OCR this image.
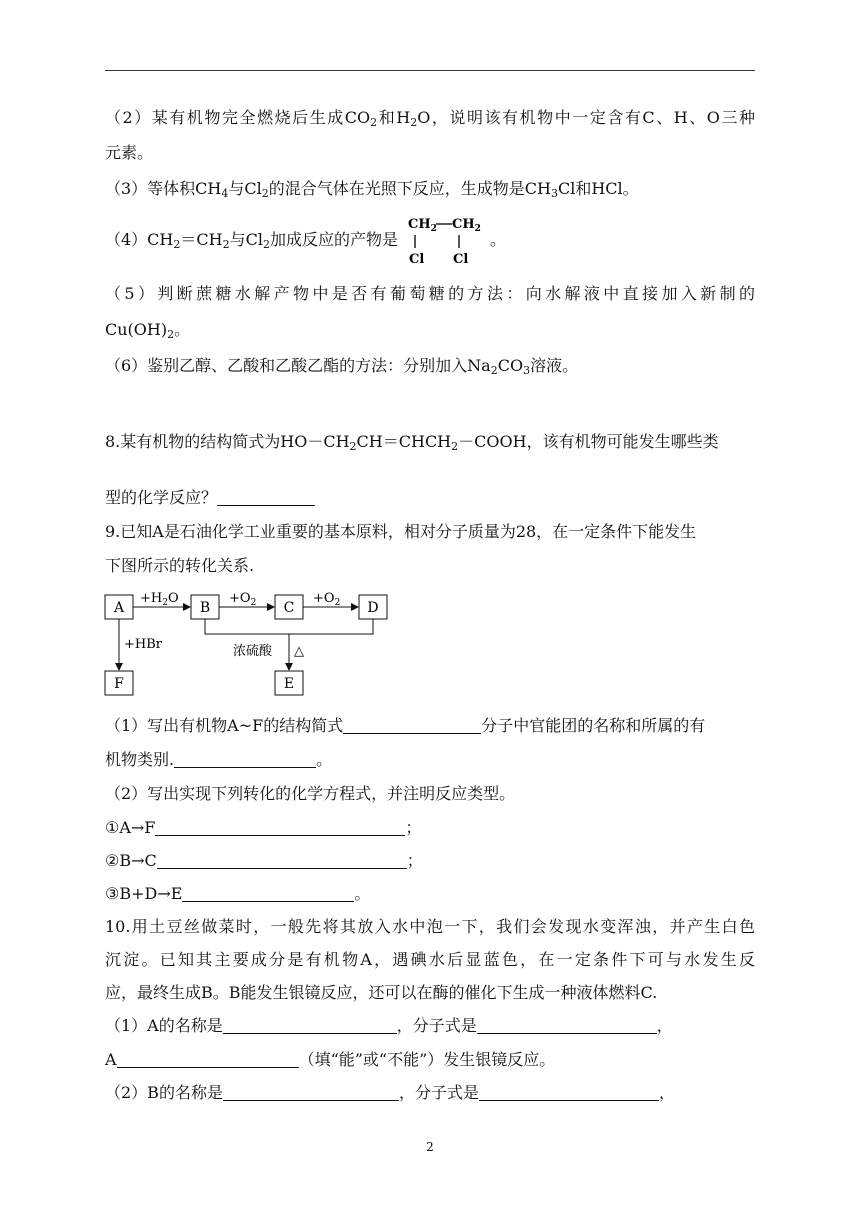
（2）某有机物完全燃烧后生成$CO_2$和$H_2O$，说明该有机物中一定含有C、H、O三种
元素。
（3）等体积$CH_4$与$Cl_2$的混合气体在光照下反应，生成物是$CH_3Cl$和HCl。
$(4)CH_2=CH_2$与$Cl_2$加成反应的产物是
$CH_2$ $CH_2$
Cl Cl
。
（5）判断蔗糖水解产物中是否有葡萄糖的方法：向水解液中直接加入新制的
$Cu(OH)_2$。
（6）鉴别乙醇、乙酸和乙酸乙酯的方法：分别加入$Na_2CO_3$溶液。
8.某有机物的结构简式为$HO-CH_2CH=CHCH_2-COOH$，该有机物可能发生哪些类
型的化学反应？
9.已知A是石油化学工业重要的基本原料，相对分子质量为28，在一定条件下能发生
下图所示的转化关系.
A	B	C	D
F	E
$+H_2O$	$+O_2$	$+O_2$
+HBr	浓硫酸 △
（1）写出有机物A~F的结构简式	分子中官能团的名称和所属的有
机物类别.	。
（2）写出实现下列转化的化学方程式，并注明反应类型。
①A→F	；
②B→C	；
③B+D→E	。
10.用土豆丝做菜时，一般先将其放入水中泡一下，我们会发现水变浑浊，并产生白色
沉淀。已知其主要成分是有机物A，遇碘水后显蓝色，在一定条件下可与水发生反
应，最终生成B。B能发生银镜反应，还可以在酶的催化下生成一种液体燃料C.
（1）A的名称是	，分子式是	，
A	（填“能”或“不能”）发生银镜反应。
（2）B的名称是	，分子式是	，
2
